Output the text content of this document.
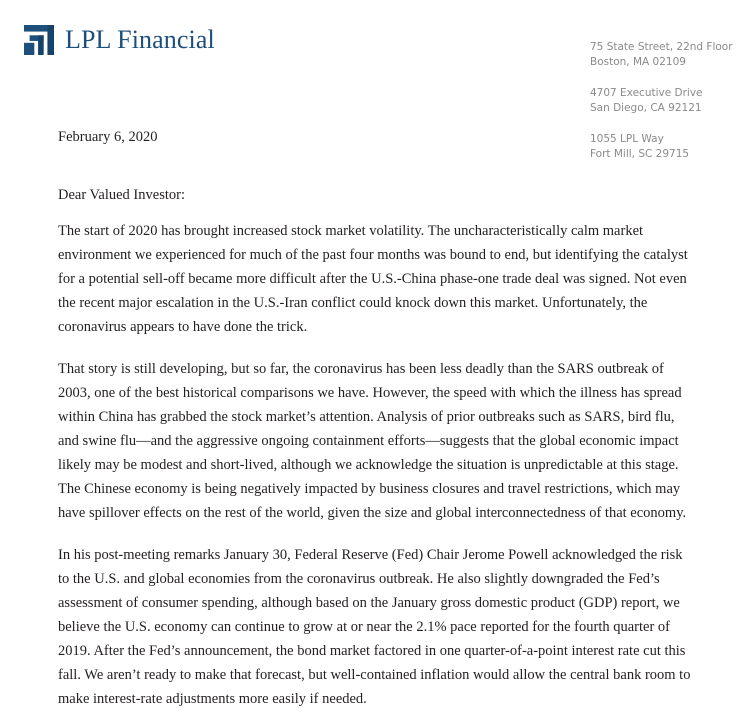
LPL Financial	75 State Street, 22nd Floor
Boston, MA 02109
4707 Executive Drive
San Diego, CA 92121
1055 LPL Way
Fort Mill, SC 29715
February 6, 2020
Dear Valued Investor:

The start of 2020 has brought increased stock market volatility. The uncharacteristically calm market environment we experienced for much of the past four months was bound to end, but identifying the catalyst for a potential sell-off became more difficult after the U.S.-China phase-one trade deal was signed. Not even the recent major escalation in the U.S.-Iran conflict could knock down this market. Unfortunately, the coronavirus appears to have done the trick.

That story is still developing, but so far, the coronavirus has been less deadly than the SARS outbreak of 2003, one of the best historical comparisons we have. However, the speed with which the illness has spread within China has grabbed the stock market’s attention. Analysis of prior outbreaks such as SARS, bird flu, and swine flu—and the aggressive ongoing containment efforts—suggests that the global economic impact likely may be modest and short-lived, although we acknowledge the situation is unpredictable at this stage. The Chinese economy is being negatively impacted by business closures and travel restrictions, which may have spillover effects on the rest of the world, given the size and global interconnectedness of that economy.

In his post-meeting remarks January 30, Federal Reserve (Fed) Chair Jerome Powell acknowledged the risk to the U.S. and global economies from the coronavirus outbreak. He also slightly downgraded the Fed’s assessment of consumer spending, although based on the January gross domestic product (GDP) report, we believe the U.S. economy can continue to grow at or near the 2.1% pace reported for the fourth quarter of 2019. After the Fed’s announcement, the bond market factored in one quarter-of-a-point interest rate cut this fall. We aren’t ready to make that forecast, but well-contained inflation would allow the central bank room to make interest-rate adjustments more easily if needed.
